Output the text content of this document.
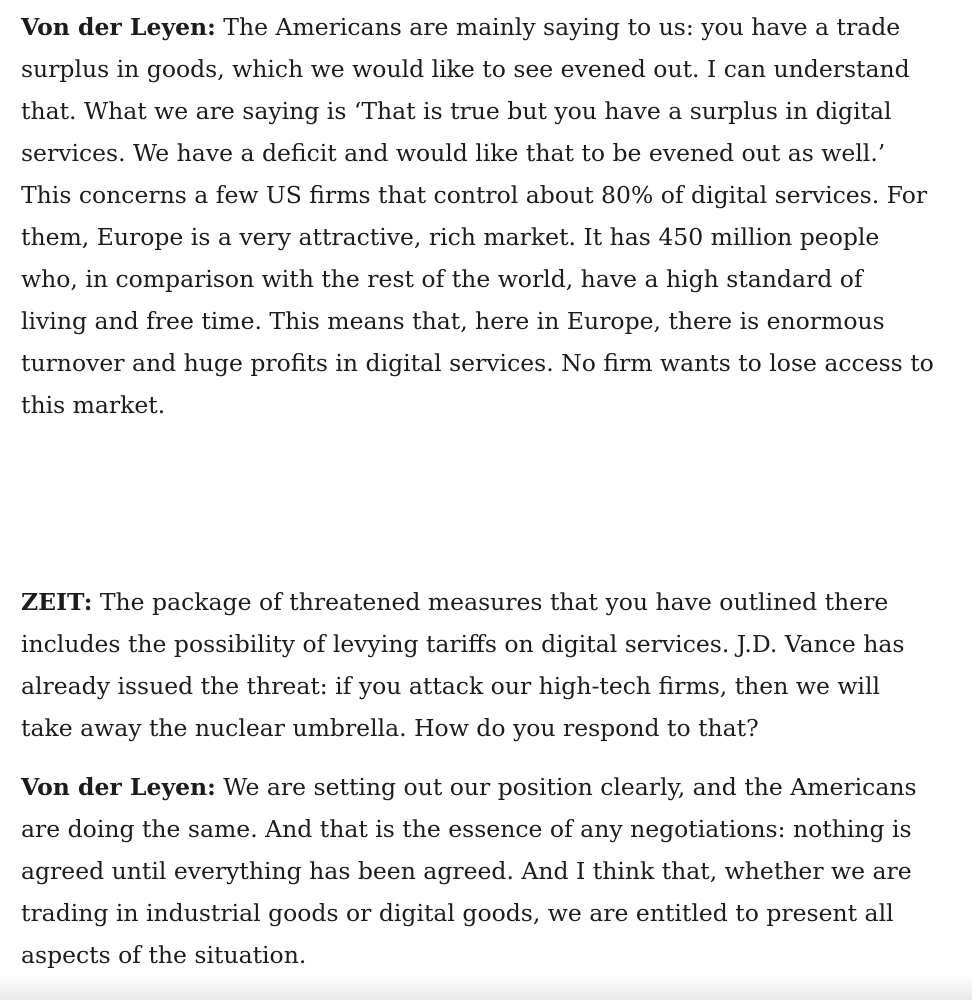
Von der Leyen: The Americans are mainly saying to us: you have a trade surplus in goods, which we would like to see evened out. I can understand that. What we are saying is ‘That is true but you have a surplus in digital services. We have a deficit and would like that to be evened out as well.’ This concerns a few US firms that control about 80% of digital services. For them, Europe is a very attractive, rich market. It has 450 million people who, in comparison with the rest of the world, have a high standard of living and free time. This means that, here in Europe, there is enormous turnover and huge profits in digital services. No firm wants to lose access to this market.

ZEIT: The package of threatened measures that you have outlined there includes the possibility of levying tariffs on digital services. J.D. Vance has already issued the threat: if you attack our high-tech firms, then we will take away the nuclear umbrella. How do you respond to that?

Von der Leyen: We are setting out our position clearly, and the Americans are doing the same. And that is the essence of any negotiations: nothing is agreed until everything has been agreed. And I think that, whether we are trading in industrial goods or digital goods, we are entitled to present all aspects of the situation.
